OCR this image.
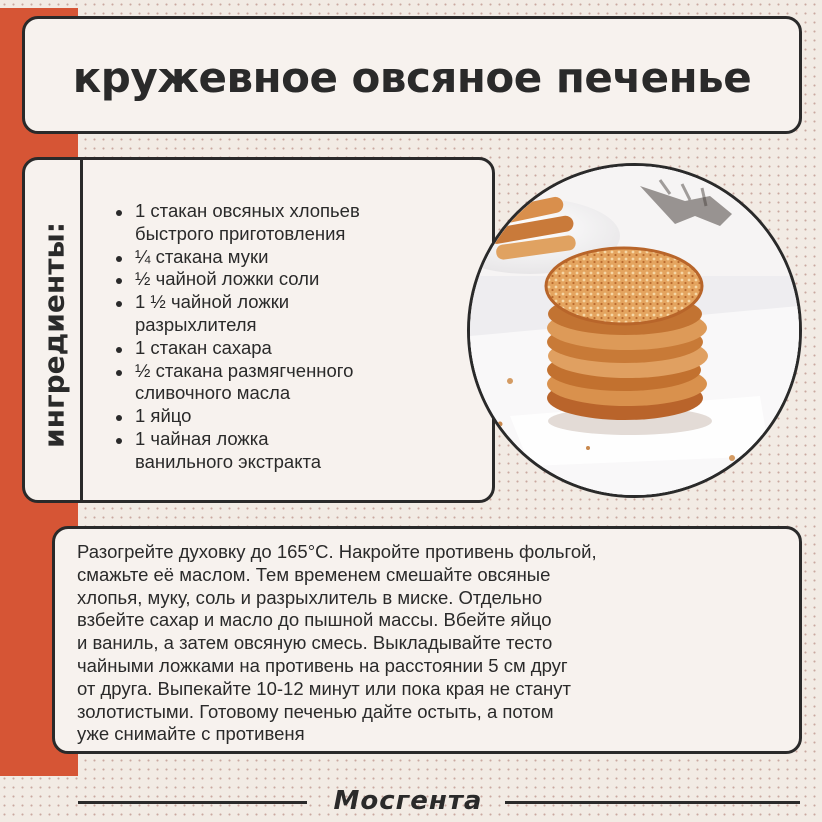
кружевное овсяное печенье
ингредиенты:
1 стакан овсяных хлопьев
быстрого приготовления
¼ стакана муки
½ чайной ложки соли
1 ½ чайной ложки
разрыхлителя
1 стакан сахара
½ стакана размягченного
сливочного масла
1 яйцо
1 чайная ложка
ванильного экстракта

Разогрейте духовку до 165°С. Накройте противень фольгой,
смажьте её маслом. Тем временем смешайте овсяные
хлопья, муку, соль и разрыхлитель в миске. Отдельно
взбейте сахар и масло до пышной массы. Вбейте яйцо
и ваниль, а затем овсяную смесь. Выкладывайте тесто
чайными ложками на противень на расстоянии 5 см друг
от друга. Выпекайте 10-12 минут или пока края не станут
золотистыми. Готовому печенью дайте остыть, а потом
уже снимайте с противеня

Мосгента
